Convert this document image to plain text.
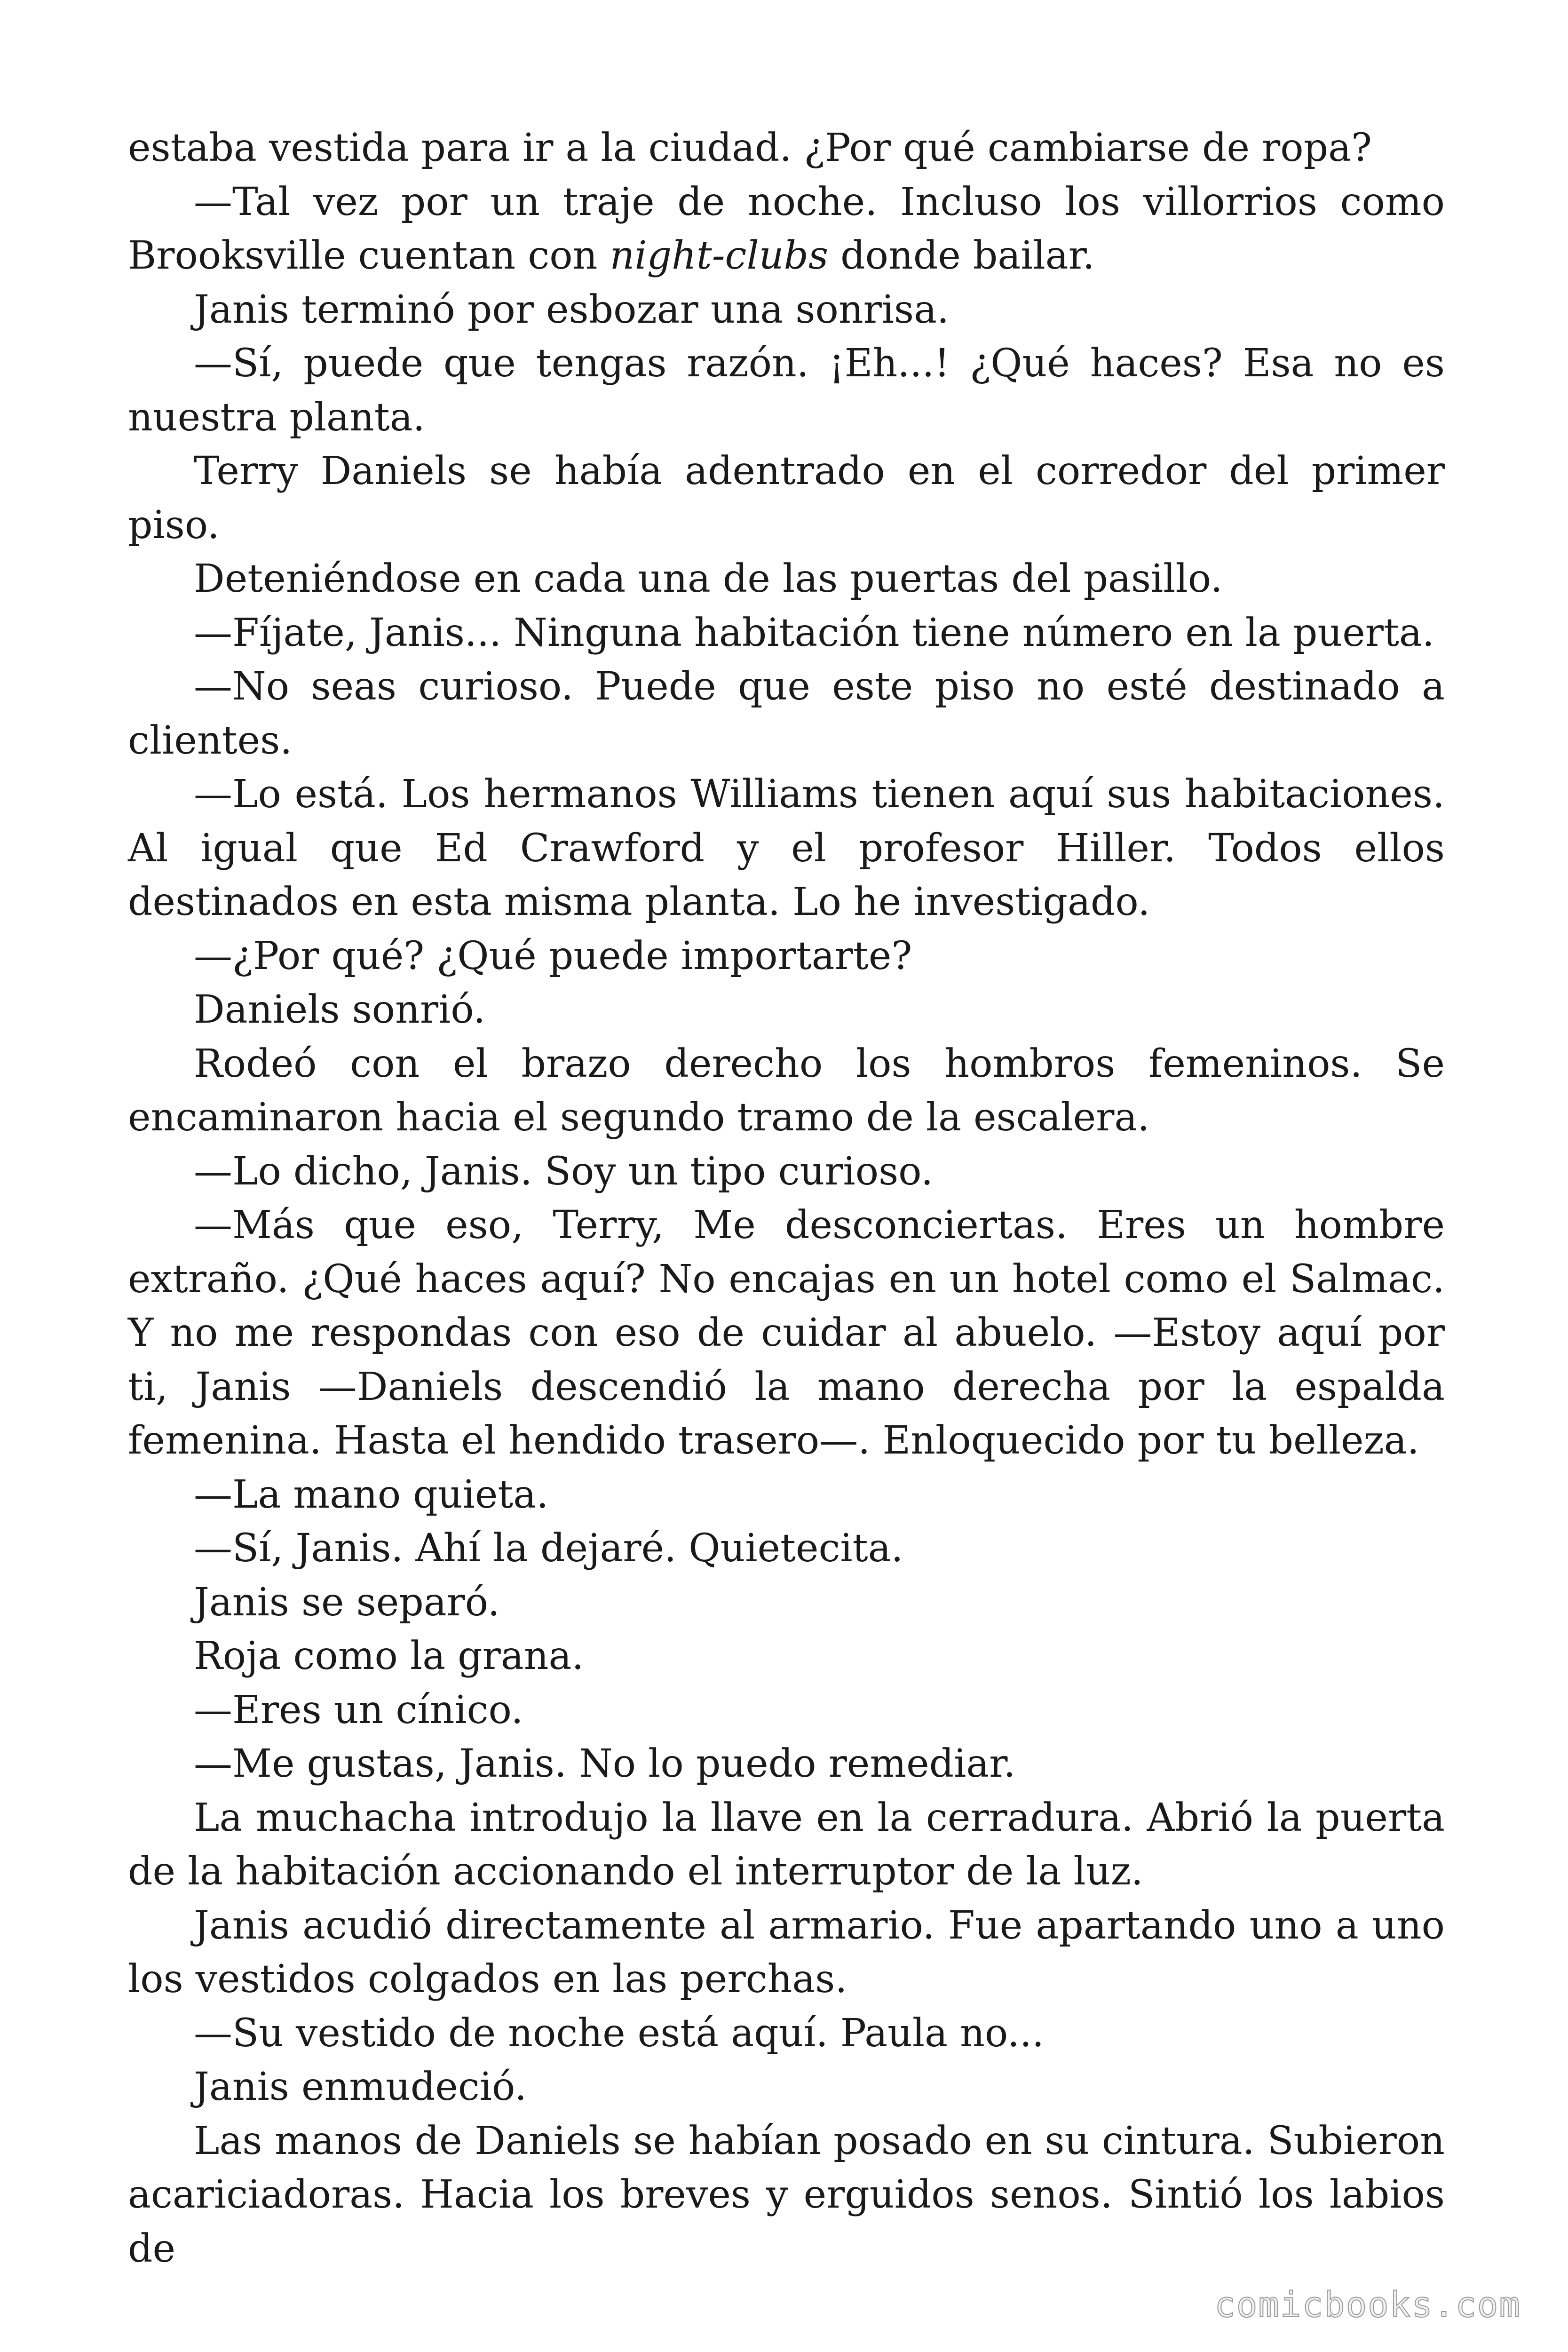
estaba vestida para ir a la ciudad. ¿Por qué cambiarse de ropa?

—Tal vez por un traje de noche. Incluso los villorrios como Brooksville cuentan con night-clubs donde bailar.

Janis terminó por esbozar una sonrisa.

—Sí, puede que tengas razón. ¡Eh...! ¿Qué haces? Esa no es nuestra planta.

Terry Daniels se había adentrado en el corredor del primer piso.

Deteniéndose en cada una de las puertas del pasillo.

—Fíjate, Janis... Ninguna habitación tiene número en la puerta.

—No seas curioso. Puede que este piso no esté destinado a clientes.

—Lo está. Los hermanos Williams tienen aquí sus habitaciones. Al igual que Ed Crawford y el profesor Hiller. Todos ellos destinados en esta misma planta. Lo he investigado.

—¿Por qué? ¿Qué puede importarte?

Daniels sonrió.

Rodeó con el brazo derecho los hombros femeninos. Se encaminaron hacia el segundo tramo de la escalera.

—Lo dicho, Janis. Soy un tipo curioso.

—Más que eso, Terry, Me desconciertas. Eres un hombre extraño. ¿Qué haces aquí? No encajas en un hotel como el Salmac. Y no me respondas con eso de cuidar al abuelo. —Estoy aquí por ti, Janis —Daniels descendió la mano derecha por la espalda femenina. Hasta el hendido trasero—. Enloquecido por tu belleza.

—La mano quieta.

—Sí, Janis. Ahí la dejaré. Quietecita.

Janis se separó.

Roja como la grana.

—Eres un cínico.

—Me gustas, Janis. No lo puedo remediar.

La muchacha introdujo la llave en la cerradura. Abrió la puerta de la habitación accionando el interruptor de la luz.

Janis acudió directamente al armario. Fue apartando uno a uno los vestidos colgados en las perchas.

—Su vestido de noche está aquí. Paula no...

Janis enmudeció.

Las manos de Daniels se habían posado en su cintura. Subieron acariciadoras. Hacia los breves y erguidos senos. Sintió los labios de

comicbooks.com
